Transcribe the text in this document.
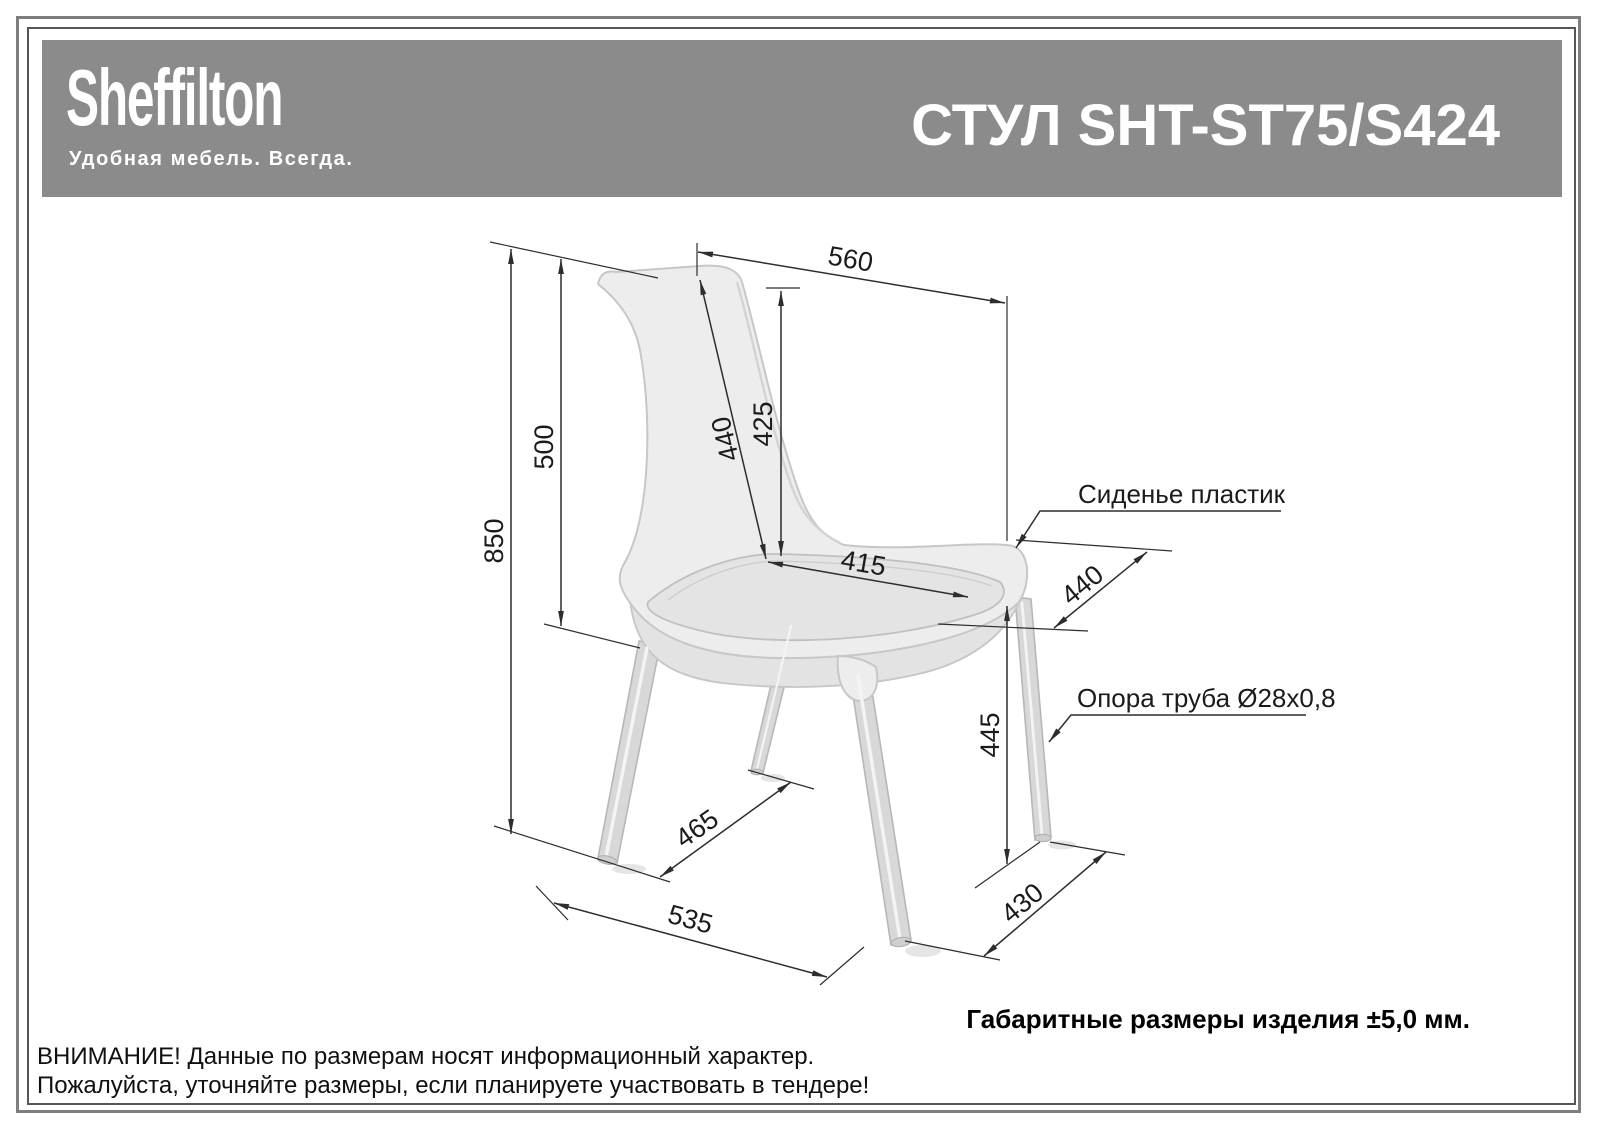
Sheffilton
Удобная мебель. Всегда.
СТУЛ SHT-ST75/S424
850
500
560
440 425
415	440
445
465
535	430
Сиденье пластик
Опора труба Ø28x0,8
Габаритные размеры изделия ±5,0 мм.
ВНИМАНИЕ! Данные по размерам носят информационный характер.
Пожалуйста, уточняйте размеры, если планируете участвовать в тендере!
